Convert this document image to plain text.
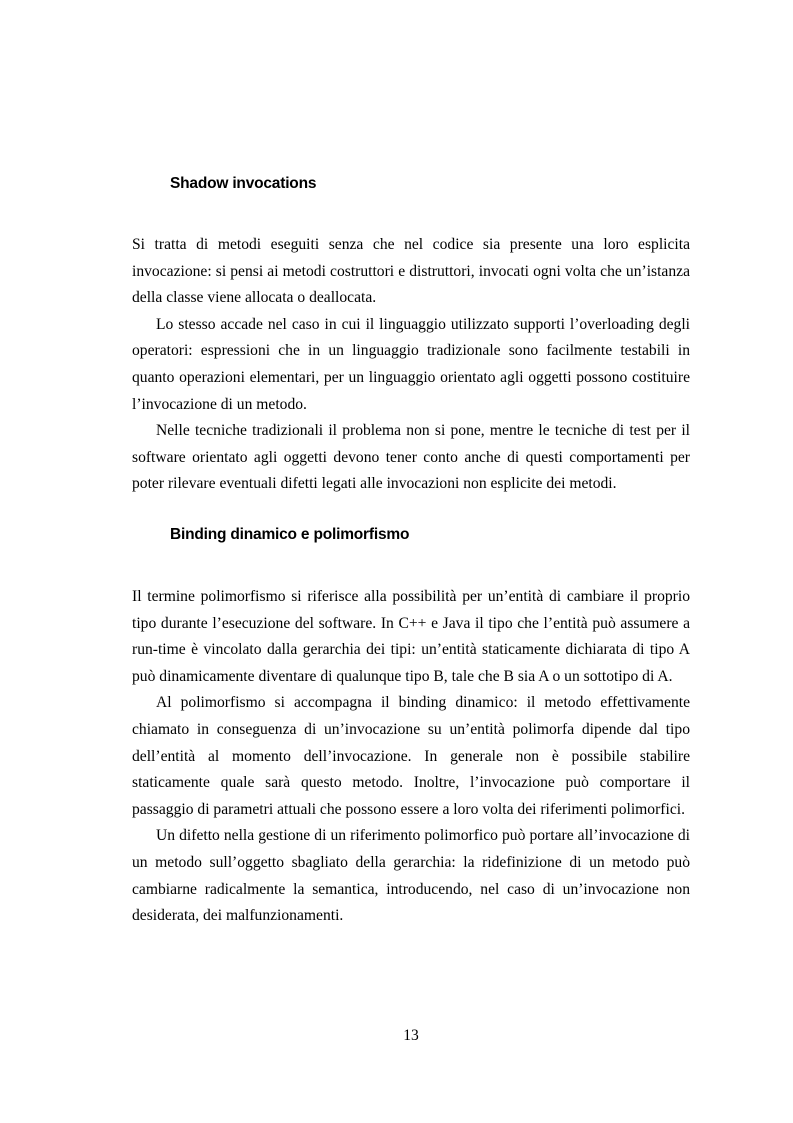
Shadow invocations

Si tratta di metodi eseguiti senza che nel codice sia presente una loro esplicita invocazione: si pensi ai metodi costruttori e distruttori, invocati ogni volta che un’istanza della classe viene allocata o deallocata.

Lo stesso accade nel caso in cui il linguaggio utilizzato supporti l’overloading degli operatori: espressioni che in un linguaggio tradizionale sono facilmente testabili in quanto operazioni elementari, per un linguaggio orientato agli oggetti possono costituire l’invocazione di un metodo.

Nelle tecniche tradizionali il problema non si pone, mentre le tecniche di test per il software orientato agli oggetti devono tener conto anche di questi comportamenti per poter rilevare eventuali difetti legati alle invocazioni non esplicite dei metodi.

Binding dinamico e polimorfismo

Il termine polimorfismo si riferisce alla possibilità per un’entità di cambiare il proprio tipo durante l’esecuzione del software. In C++ e Java il tipo che l’entità può assumere a run-time è vincolato dalla gerarchia dei tipi: un’entità staticamente dichiarata di tipo A può dinamicamente diventare di qualunque tipo B, tale che B sia A o un sottotipo di A.

Al polimorfismo si accompagna il binding dinamico: il metodo effettivamente chiamato in conseguenza di un’invocazione su un’entità polimorfa dipende dal tipo dell’entità al momento dell’invocazione. In generale non è possibile stabilire staticamente quale sarà questo metodo. Inoltre, l’invocazione può comportare il passaggio di parametri attuali che possono essere a loro volta dei riferimenti polimorfici.

Un difetto nella gestione di un riferimento polimorfico può portare all’invocazione di un metodo sull’oggetto sbagliato della gerarchia: la ridefinizione di un metodo può cambiarne radicalmente la semantica, introducendo, nel caso di un’invocazione non desiderata, dei malfunzionamenti.

13
